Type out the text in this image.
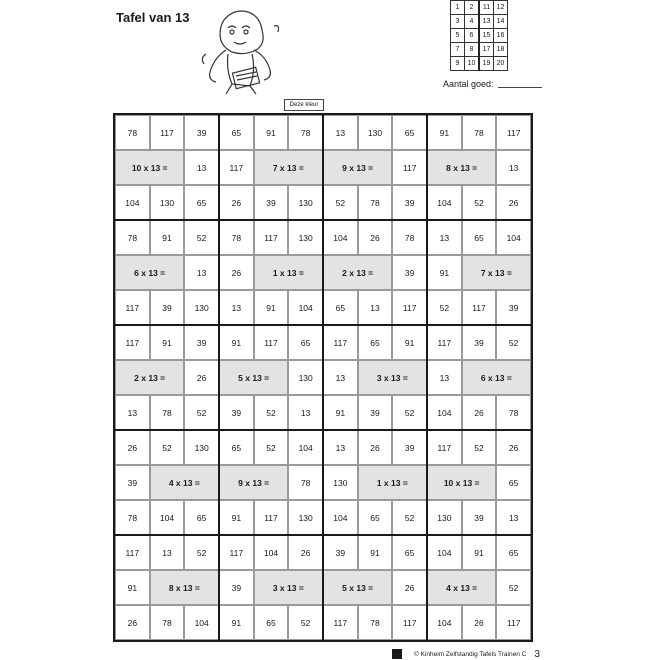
Tafel van 13
1	2	11	12
3	4	13	14
5	6	15	16
7	8	17	18
9	10	19	20
Aantal goed:
Deze kleur
78	117	39	65	91	78	13	130	65	91	78	117
10 x 13 =	13	117	7 x 13 =	9 x 13 =	117	8 x 13 =	13
104	130	65	26	39	130	52	78	39	104	52	26
78	91	52	78	117	130	104	26	78	13	65	104
6 x 13 =	13	26	1 x 13 =	2 x 13 =	39	91	7 x 13 =
117	39	130	13	91	104	65	13	117	52	117	39
117	91	39	91	117	65	117	65	91	117	39	52
2 x 13 =	26	5 x 13 =	130	13	3 x 13 =	13	6 x 13 =
13	78	52	39	52	13	91	39	52	104	26	78
26	52	130	65	52	104	13	26	39	117	52	26
39	4 x 13 =	9 x 13 =	78	130	1 x 13 =	10 x 13 =	65
78	104	65	91	117	130	104	65	52	130	39	13
117	13	52	117	104	26	39	91	65	104	91	65
91	8 x 13 =	39	3 x 13 =	5 x 13 =	26	4 x 13 =	52
26	78	104	91	65	52	117	78	117	104	26	117
© Kinheim Zelfstandig Tafels Trainen C 3
